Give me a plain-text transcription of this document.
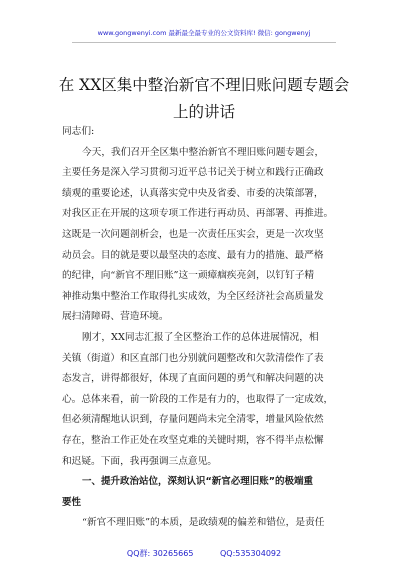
www.gongwenyi.com 最新最全最专业的公文资料库! 微信: gongwenyj
在 XX区集中整治新官不理旧账问题专题会
上的讲话
同志们:
今天，我们召开全区集中整治新官不理旧账问题专题会，
主要任务是深入学习贯彻习近平总书记关于树立和践行正确政
绩观的重要论述，认真落实党中央及省委、市委的决策部署，
对我区正在开展的这项专项工作进行再动员、再部署、再推进。
这既是一次问题剖析会，也是一次责任压实会，更是一次攻坚
动员会。目的就是要以最坚决的态度、最有力的措施、最严格
的纪律，向“新官不理旧账”这一顽瘴痼疾亮剑，以钉钉子精
神推动集中整治工作取得扎实成效，为全区经济社会高质量发
展扫清障碍、营造环境。
刚才，XX同志汇报了全区整治工作的总体进展情况，相
关镇（街道）和区直部门也分别就问题整改和欠款清偿作了表
态发言，讲得都很好，体现了直面问题的勇气和解决问题的决
心。总体来看，前一阶段的工作是有力的，也取得了一定成效，
但必须清醒地认识到，存量问题尚未完全清零，增量风险依然
存在，整治工作正处在攻坚克难的关键时期，容不得半点松懈
和迟疑。下面，我再强调三点意见。
一、提升政治站位，深刻认识“新官必理旧账”的极端重
要性
“新官不理旧账”的本质，是政绩观的偏差和错位，是责任
QQ群: 30265665	QQ:535304092
